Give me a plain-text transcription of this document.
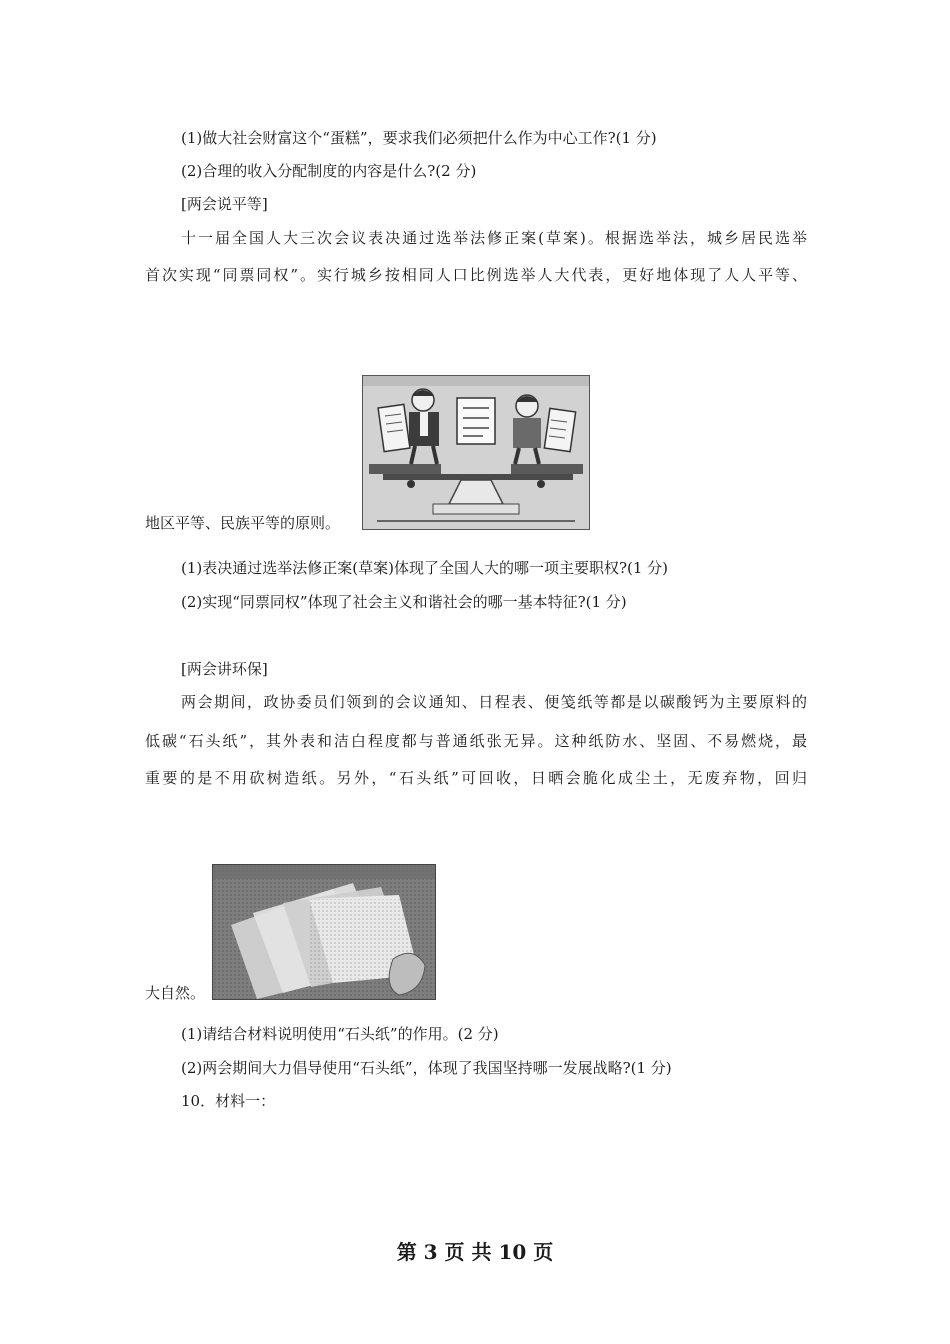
(1)做大社会财富这个“蛋糕”，要求我们必须把什么作为中心工作?(1 分)
(2)合理的收入分配制度的内容是什么?(2 分)
[两会说平等]
十一届全国人大三次会议表决通过选举法修正案(草案)。根据选举法，城乡居民选举
首次实现“同票同权”。实行城乡按相同人口比例选举人大代表，更好地体现了人人平等、
地区平等、民族平等的原则。
(1)表决通过选举法修正案(草案)体现了全国人大的哪一项主要职权?(1 分)
(2)实现“同票同权”体现了社会主义和谐社会的哪一基本特征?(1 分)
[两会讲环保]
两会期间，政协委员们领到的会议通知、日程表、便笺纸等都是以碳酸钙为主要原料的
低碳“石头纸”，其外表和洁白程度都与普通纸张无异。这种纸防水、坚固、不易燃烧，最
重要的是不用砍树造纸。另外，“石头纸”可回收，日晒会脆化成尘土，无废弃物，回归
大自然。
(1)请结合材料说明使用“石头纸”的作用。(2 分)
(2)两会期间大力倡导使用“石头纸”，体现了我国坚持哪一发展战略?(1 分)
10．材料一：
第 3 页 共 10 页
